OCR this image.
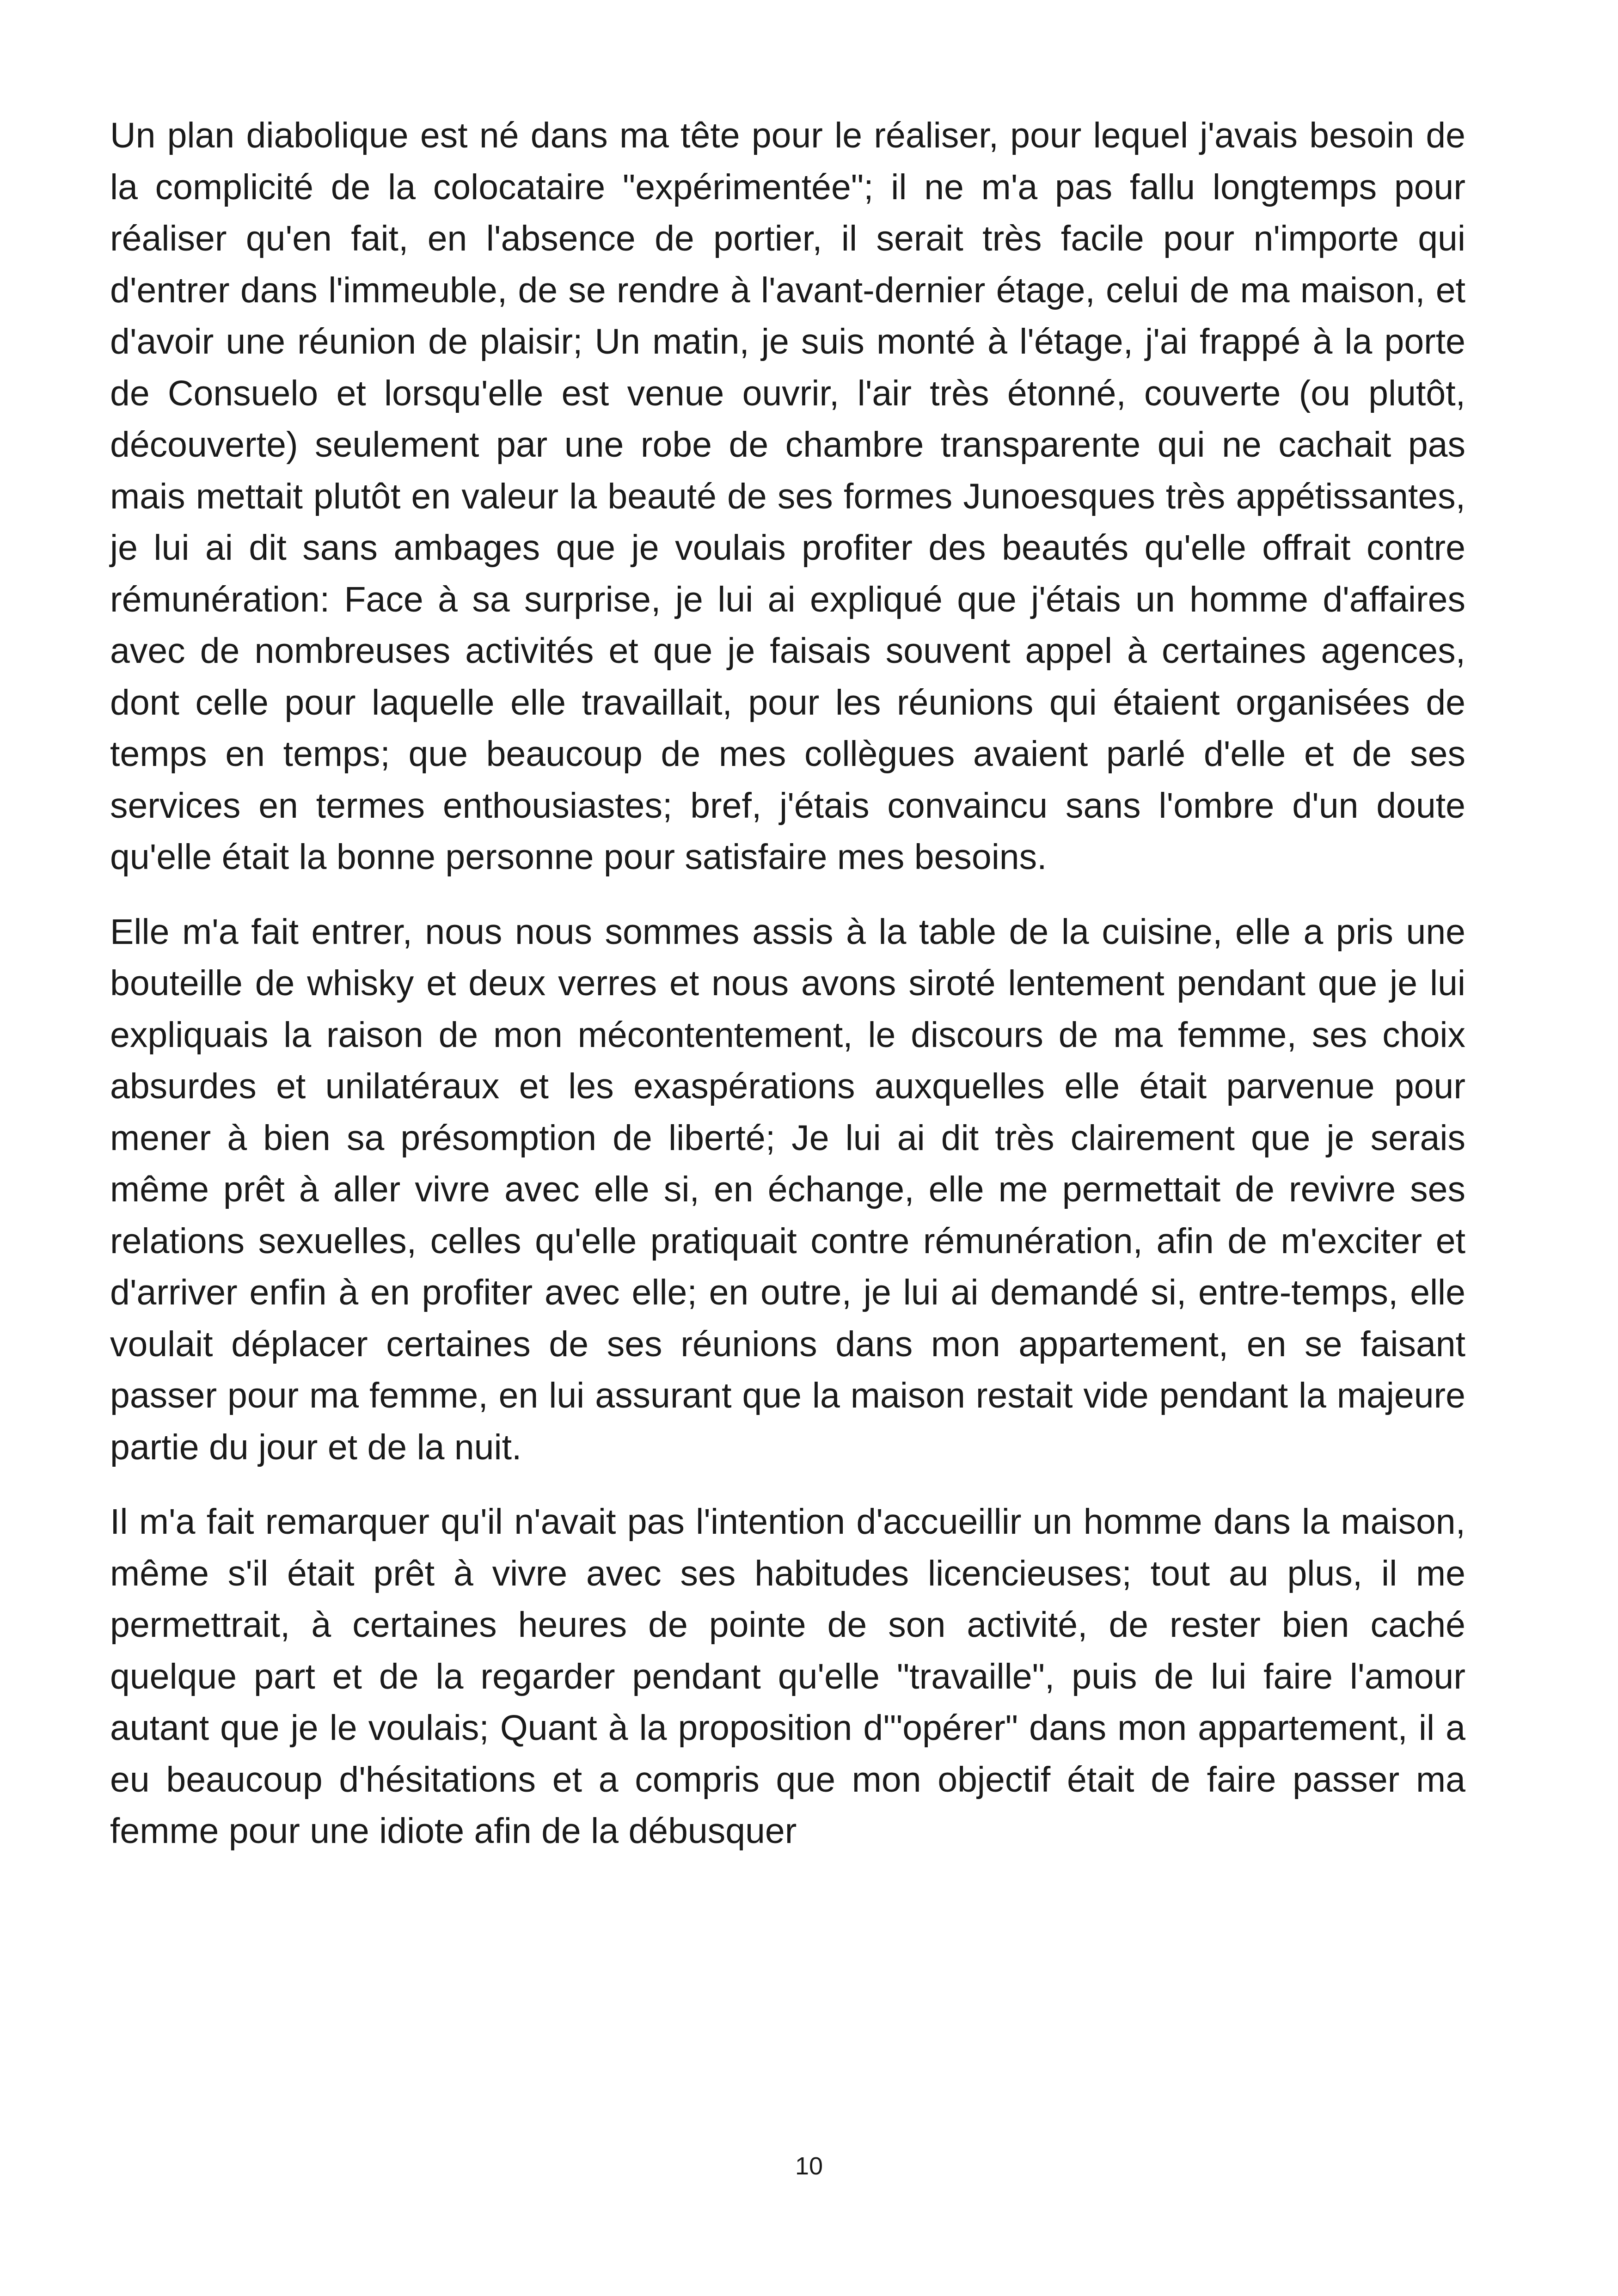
Un plan diabolique est né dans ma tête pour le réaliser, pour lequel j'avais besoin de la complicité de la colocataire "expérimentée"; il ne m'a pas fallu longtemps pour réaliser qu'en fait, en l'absence de portier, il serait très facile pour n'importe qui d'entrer dans l'immeuble, de se rendre à l'avant-dernier étage, celui de ma maison, et d'avoir une réunion de plaisir; Un matin, je suis monté à l'étage, j'ai frappé à la porte de Consuelo et lorsqu'elle est venue ouvrir, l'air très étonné, couverte (ou plutôt, découverte) seulement par une robe de chambre transparente qui ne cachait pas mais mettait plutôt en valeur la beauté de ses formes Junoesques très appétissantes, je lui ai dit sans ambages que je voulais profiter des beautés qu'elle offrait contre rémunération: Face à sa surprise, je lui ai expliqué que j'étais un homme d'affaires avec de nombreuses activités et que je faisais souvent appel à certaines agences, dont celle pour laquelle elle travaillait, pour les réunions qui étaient organisées de temps en temps; que beaucoup de mes collègues avaient parlé d'elle et de ses services en termes enthousiastes; bref, j'étais convaincu sans l'ombre d'un doute qu'elle était la bonne personne pour satisfaire mes besoins.

Elle m'a fait entrer, nous nous sommes assis à la table de la cuisine, elle a pris une bouteille de whisky et deux verres et nous avons siroté lentement pendant que je lui expliquais la raison de mon mécontentement, le discours de ma femme, ses choix absurdes et unilatéraux et les exaspérations auxquelles elle était parvenue pour mener à bien sa présomption de liberté; Je lui ai dit très clairement que je serais même prêt à aller vivre avec elle si, en échange, elle me permettait de revivre ses relations sexuelles, celles qu'elle pratiquait contre rémunération, afin de m'exciter et d'arriver enfin à en profiter avec elle; en outre, je lui ai demandé si, entre-temps, elle voulait déplacer certaines de ses réunions dans mon appartement, en se faisant passer pour ma femme, en lui assurant que la maison restait vide pendant la majeure partie du jour et de la nuit.

Il m'a fait remarquer qu'il n'avait pas l'intention d'accueillir un homme dans la maison, même s'il était prêt à vivre avec ses habitudes licencieuses; tout au plus, il me permettrait, à certaines heures de pointe de son activité, de rester bien caché quelque part et de la regarder pendant qu'elle "travaille", puis de lui faire l'amour autant que je le voulais; Quant à la proposition d'"opérer" dans mon appartement, il a eu beaucoup d'hésitations et a compris que mon objectif était de faire passer ma femme pour une idiote afin de la débusquer

10
